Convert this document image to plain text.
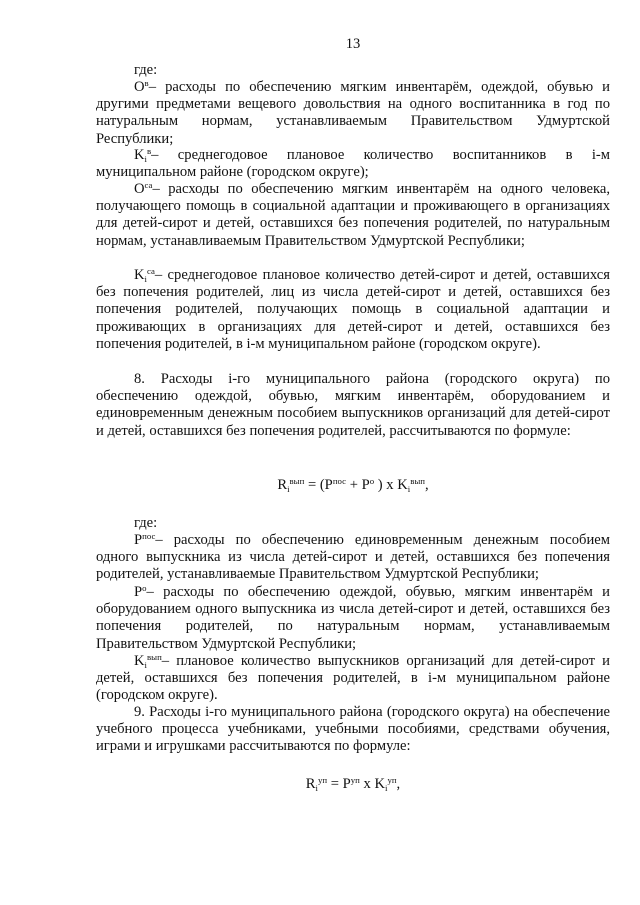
13
где:

$О^в-$ расходы по обеспечению мягким инвентарём, одеждой, обувью и другими предметами вещевого довольствия на одного воспитанника в год по натуральным нормам, устанавливаемым Правительством Удмуртской Республики;

$K_i^в-$ среднегодовое плановое количество воспитанников в i-м муниципальном районе (городском округе);

$О^{са}-$ расходы по обеспечению мягким инвентарём на одного человека, получающего помощь в социальной адаптации и проживающего в организациях для детей-сирот и детей, оставшихся без попечения родителей, по натуральным нормам, устанавливаемым Правительством Удмуртской Республики;

$K_i^{са}-$ среднегодовое плановое количество детей-сирот и детей, оставшихся без попечения родителей, лиц из числа детей-сирот и детей, оставшихся без попечения родителей, получающих помощь в социальной адаптации и проживающих в организациях для детей-сирот и детей, оставшихся без попечения родителей, в i-м муниципальном районе (городском округе).

8. Расходы i-го муниципального района (городского округа) по обеспечению одеждой, обувью, мягким инвентарём, оборудованием и единовременным денежным пособием выпускников организаций для детей-сирот и детей, оставшихся без попечения родителей, рассчитываются по формуле:

$R_i^{вып} = (P^{пос} + P^о$ ) x $K_i^{вып}$,
где:

$P^{пос}-$ расходы по обеспечению единовременным денежным пособием одного выпускника из числа детей-сирот и детей, оставшихся без попечения родителей, устанавливаемые Правительством Удмуртской Республики;

$P^о-$ расходы по обеспечению одеждой, обувью, мягким инвентарём и оборудованием одного выпускника из числа детей-сирот и детей, оставшихся без попечения родителей, по натуральным нормам, устанавливаемым Правительством Удмуртской Республики;

$K_i^{вып}-$ плановое количество выпускников организаций для детей-сирот и детей, оставшихся без попечения родителей, в i-м муниципальном районе (городском округе).

9. Расходы i-го муниципального района (городского округа) на обеспечение учебного процесса учебниками, учебными пособиями, средствами обучения, играми и игрушками рассчитываются по формуле:

$R_i^{уп} = P^{уп}$ x $K_i^{уп}$,
